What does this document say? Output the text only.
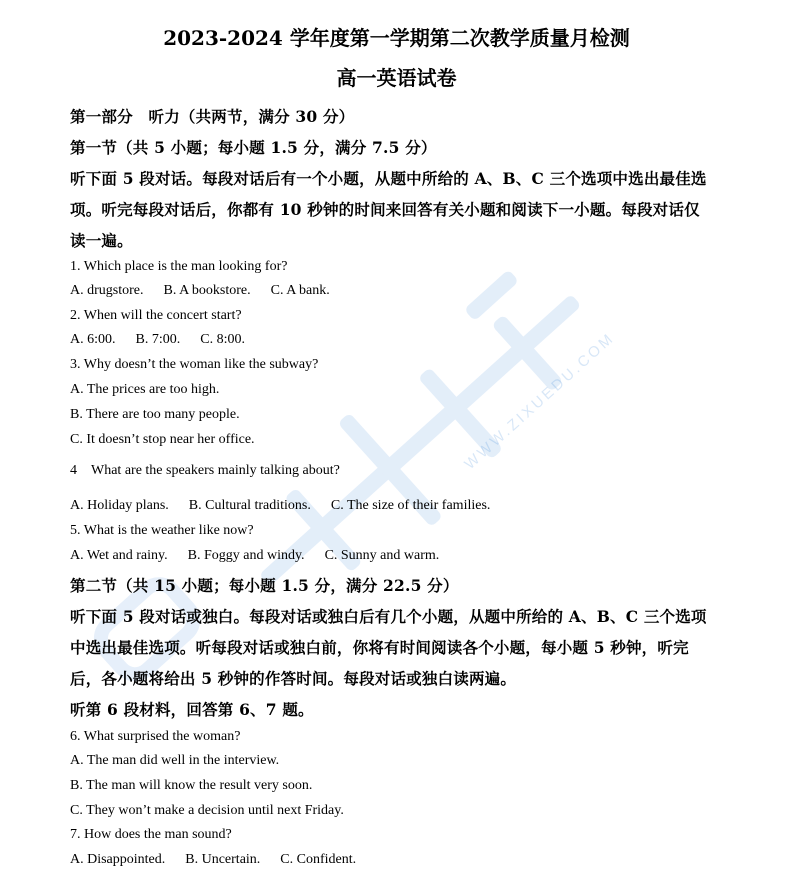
WWW.ZIXUEDU.COM
2023-2024 学年度第一学期第二次教学质量月检测
高一英语试卷
第一部分　听力（共两节，满分 30 分）
第一节（共 5 小题；每小题 1.5 分，满分 7.5 分）
听下面 5 段对话。每段对话后有一个小题，从题中所给的 A、B、C 三个选项中选出最佳选
项。听完每段对话后，你都有 10 秒钟的时间来回答有关小题和阅读下一小题。每段对话仅
读一遍。
1. Which place is the man looking for?
A. drugstore. B. A bookstore. C. A bank.
2. When will the concert start?
A. 6:00. B. 7:00. C. 8:00.
3. Why doesn’t the woman like the subway?
A. The prices are too high.
B. There are too many people.
C. It doesn’t stop near her office.
4　What are the speakers mainly talking about?
A. Holiday plans. B. Cultural traditions. C. The size of their families.
5. What is the weather like now?
A. Wet and rainy. B. Foggy and windy. C. Sunny and warm.
第二节（共 15 小题；每小题 1.5 分，满分 22.5 分）
听下面 5 段对话或独白。每段对话或独白后有几个小题，从题中所给的 A、B、C 三个选项
中选出最佳选项。听每段对话或独白前，你将有时间阅读各个小题，每小题 5 秒钟，听完
后，各小题将给出 5 秒钟的作答时间。每段对话或独白读两遍。
听第 6 段材料，回答第 6、7 题。
6. What surprised the woman?
A. The man did well in the interview.
B. The man will know the result very soon.
C. They won’t make a decision until next Friday.
7. How does the man sound?
A. Disappointed. B. Uncertain. C. Confident.
